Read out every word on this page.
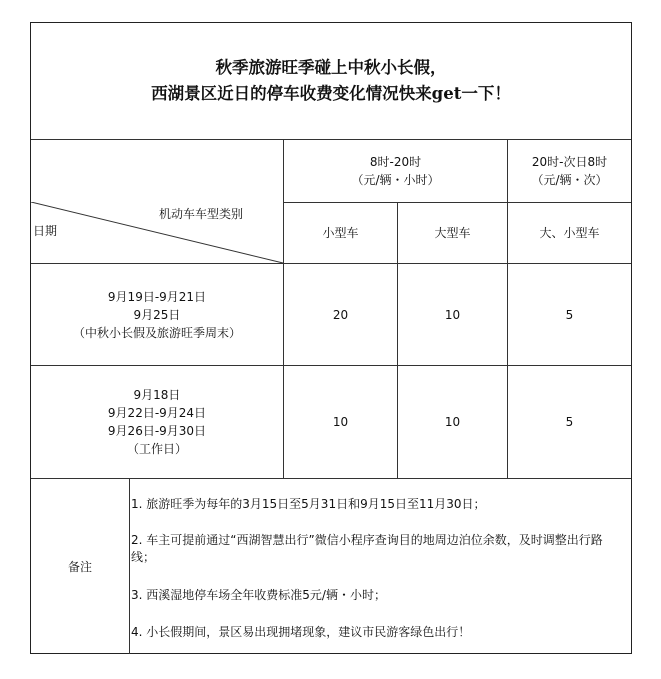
秋季旅游旺季碰上中秋小长假，
西湖景区近日的停车收费变化情况快来get一下！
8时-20时
（元/辆・小时）
20时-次日8时
（元/辆・次）
机动车车型类别
日期	小型车	大型车	大、小型车
9月19日-9月21日
9月25日
（中秋小长假及旅游旺季周末）
20	10	5
9月18日
9月22日-9月24日
9月26日-9月30日
（工作日）
10	10	5
备注
1. 旅游旺季为每年的3月15日至5月31日和9月15日至11月30日；
2. 车主可提前通过“西湖智慧出行”微信小程序查询目的地周边泊位余数，及时调整出行路线；
3. 西溪湿地停车场全年收费标准5元/辆・小时；
4. 小长假期间，景区易出现拥堵现象，建议市民游客绿色出行！
